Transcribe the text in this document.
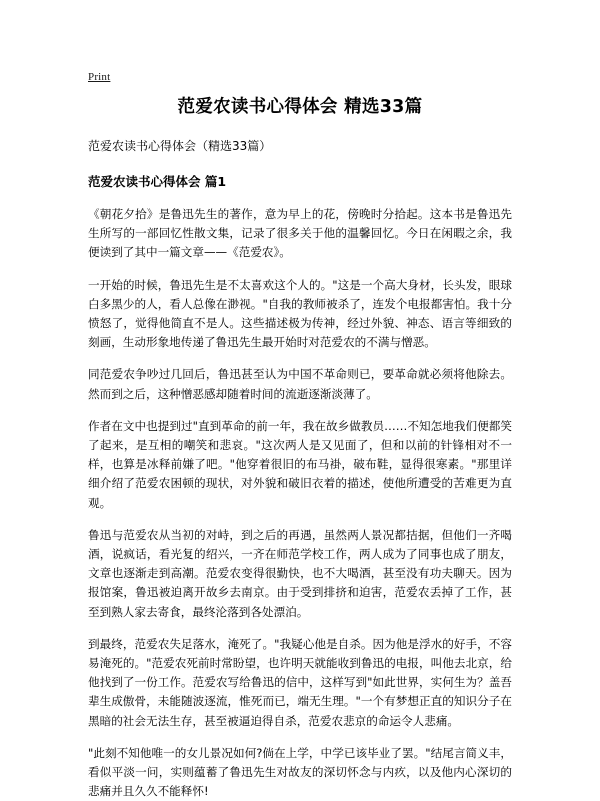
Print
范爱农读书心得体会 精选33篇
范爱农读书心得体会（精选33篇）
范爱农读书心得体会 篇1

《朝花夕拾》是鲁迅先生的著作，意为早上的花，傍晚时分拾起。这本书是鲁迅先生所写的一部回忆性散文集，记录了很多关于他的温馨回忆。今日在闲暇之余，我便读到了其中一篇文章——《范爱农》。

一开始的时候，鲁迅先生是不太喜欢这个人的。"这是一个高大身材，长头发，眼球白多黑少的人，看人总像在渺视。"自我的教师被杀了，连发个电报都害怕。我十分愤怒了，觉得他简直不是人。这些描述极为传神，经过外貌、神态、语言等细致的刻画，生动形象地传递了鲁迅先生最开始时对范爱农的不满与憎恶。

同范爱农争吵过几回后，鲁迅甚至认为中国不革命则已，要革命就必须将他除去。然而到之后，这种憎恶感却随着时间的流逝逐渐淡薄了。

作者在文中也提到过"直到革命的前一年，我在故乡做教员……不知怎地我们便都笑了起来，是互相的嘲笑和悲哀。"这次两人是又见面了，但和以前的针锋相对不一样，也算是冰释前嫌了吧。"他穿着很旧的布马褂，破布鞋，显得很寒素。"那里详细介绍了范爱农困顿的现状，对外貌和破旧衣着的描述，使他所遭受的苦难更为直观。

鲁迅与范爱农从当初的对峙，到之后的再遇，虽然两人景况都拮据，但他们一齐喝酒，说疯话，看光复的绍兴，一齐在师范学校工作，两人成为了同事也成了朋友，文章也逐渐走到高潮。范爱农变得很勤快，也不大喝酒，甚至没有功夫聊天。因为报馆案，鲁迅被迫离开故乡去南京。由于受到排挤和迫害，范爱农丢掉了工作，甚至到熟人家去寄食，最终沦落到各处漂泊。

到最终，范爱农失足落水，淹死了。"我疑心他是自杀。因为他是浮水的好手，不容易淹死的。"范爱农死前时常盼望，也许明天就能收到鲁迅的电报，叫他去北京，给他找到了一份工作。范爱农写给鲁迅的信中，这样写到"如此世界，实何生为？盖吾辈生成傲骨，未能随波逐流，惟死而已，端无生理。"一个有梦想正直的知识分子在黑暗的社会无法生存，甚至被逼迫得自杀，范爱农悲京的命运令人悲痛。

"此刻不知他唯一的女儿景况如何?倘在上学，中学已该毕业了罢。"结尾言简义丰，看似平淡一问，实则蕴蓄了鲁迅先生对故友的深切怀念与内疚，以及他内心深切的悲痛并且久久不能释怀!
